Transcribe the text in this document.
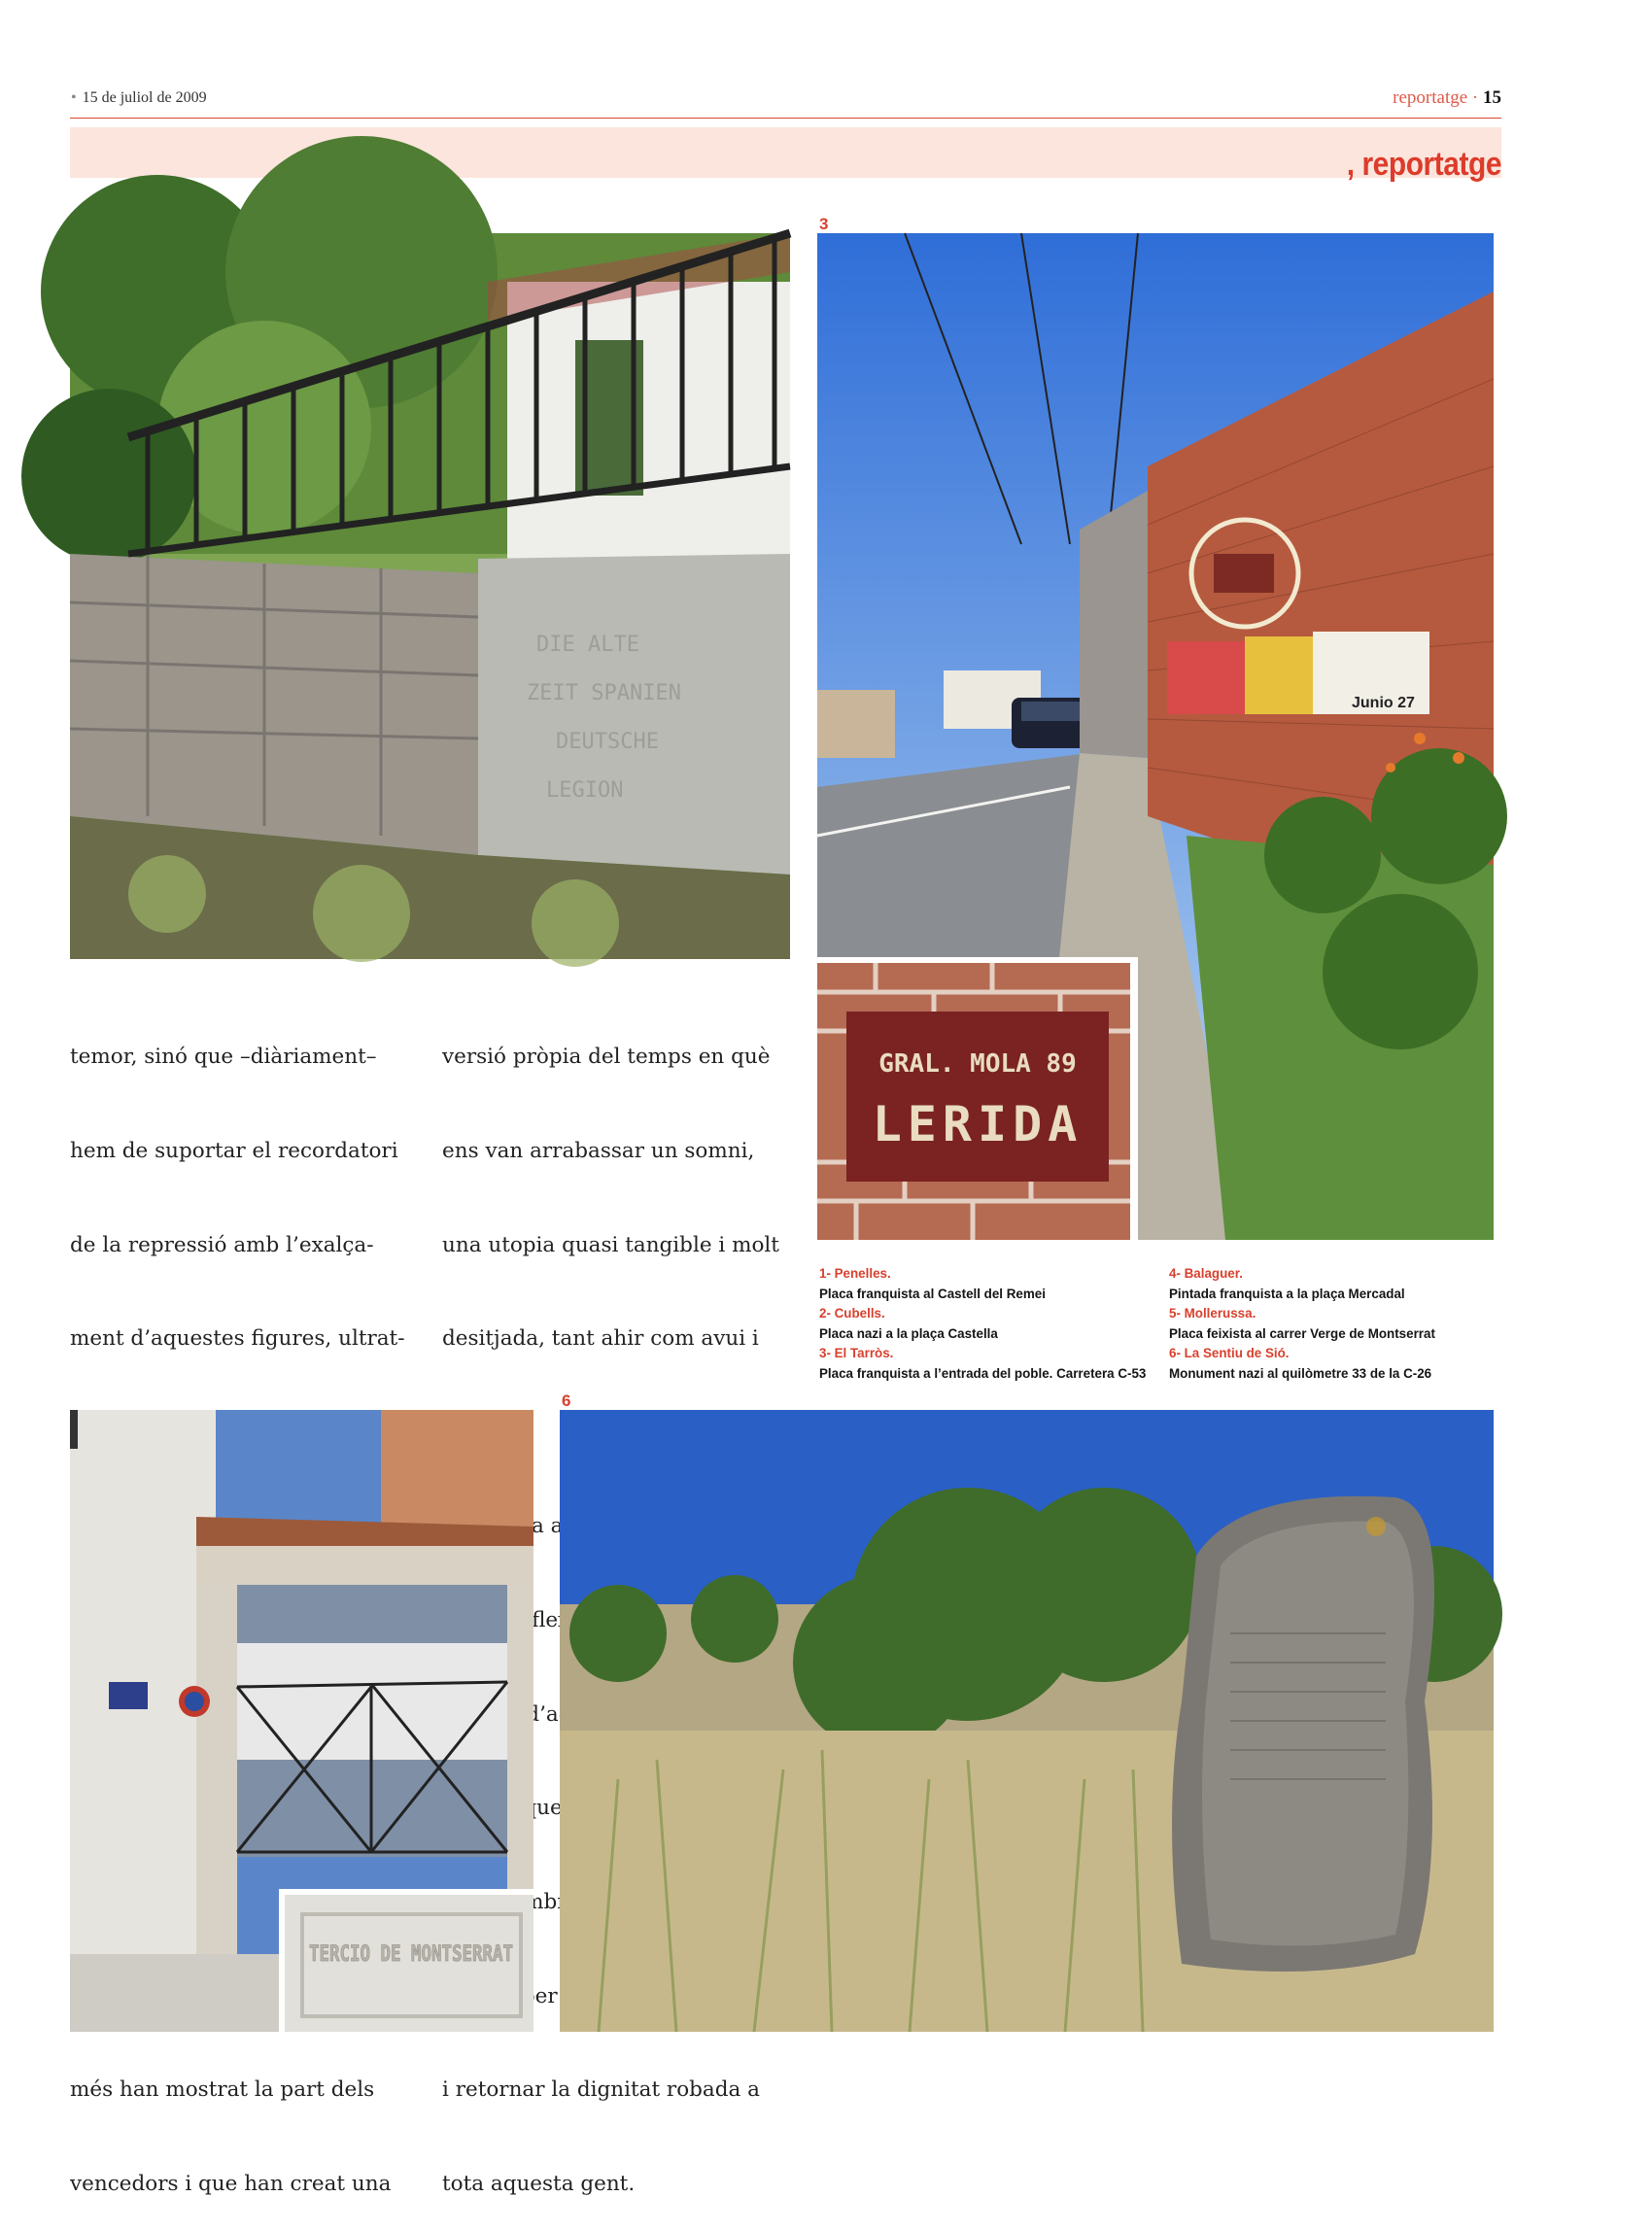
• 15 de juliol de 2009	reportatge · 15
, reportatge
DIE ALTE
ZEIT SPANIEN
DEUTSCHE
LEGION
3
Junio 27
GRAL. MOLA 89
LERIDA

temor, sinó que –diàriament–

hem de suportar el recordatori

de la repressió amb l’exalça-

ment d’aquestes figures, ultrat-

més han mostrat la part dels

vencedors i que han creat una

versió pròpia del temps en què

ens van arrabassar un somni,

una utopia quasi tangible i molt

desitjada, tant ahir com avui i

reflexió

que

l’ombra

per

i retornar la dignitat robada a

tota aquesta gent.

1- Penelles.
Placa franquista al Castell del Remei
2- Cubells.
Placa nazi a la plaça Castella
3- El Tarròs.
Placa franquista a l’entrada del poble. Carretera C-53
4- Balaguer.
Pintada franquista a la plaça Mercadal
5- Mollerussa.
Placa feixista al carrer Verge de Montserrat
6- La Sentiu de Sió.
Monument nazi al quilòmetre 33 de la C-26
TERCIO DE MONTSERRAT
6
